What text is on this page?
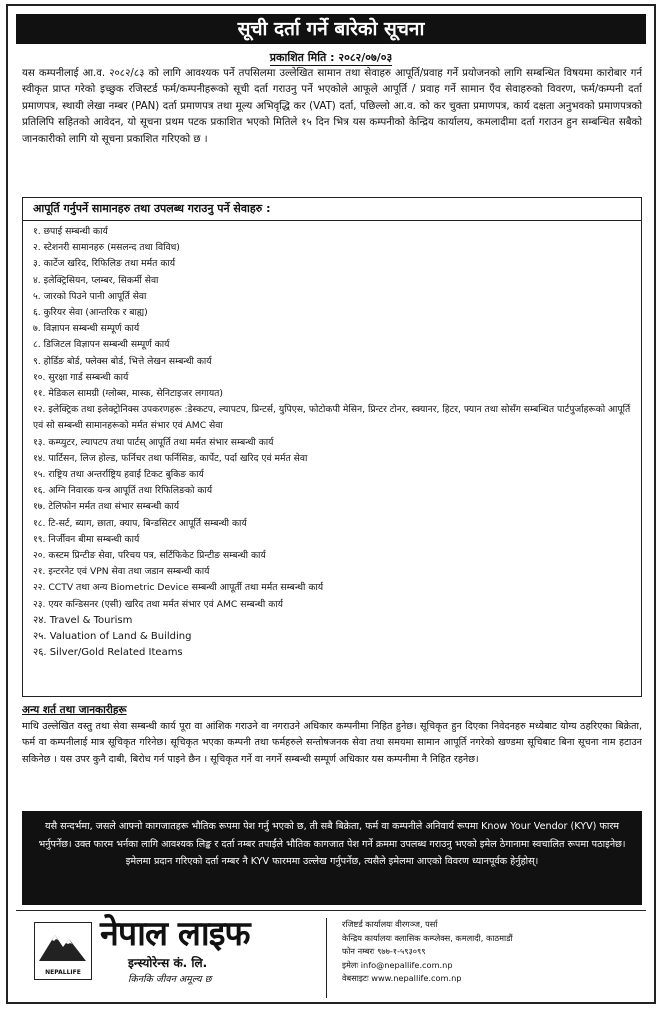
सूची दर्ता गर्ने बारेको सूचना
प्रकाशित मिति : २०८२/०७/०३

यस कम्पनीलाई आ.व. २०८२/८३ को लागि आवश्यक पर्ने तपसिलमा उल्लेखित सामान तथा सेवाहरु आपूर्ति/प्रवाह गर्ने प्रयोजनको लागि सम्बन्धित विषयमा कारोबार गर्न स्वीकृत प्राप्त गरेको इच्छुक रजिस्टर्ड फर्म/कम्पनीहरूको सूची दर्ता गराउनु पर्ने भएकोले आफूले आपूर्ति / प्रवाह गर्ने सामान एँव सेवाहरुको विवरण, फर्म/कम्पनी दर्ता प्रमाणपत्र, स्थायी लेखा नम्बर (PAN) दर्ता प्रमाणपत्र तथा मूल्य अभिवृद्धि कर (VAT) दर्ता, पछिल्लो आ.व. को कर चुक्ता प्रमाणपत्र, कार्य दक्षता अनुभवको प्रमाणपत्रको प्रतिलिपि सहितको आवेदन, यो सूचना प्रथम पटक प्रकाशित भएको मितिले १५ दिन भित्र यस कम्पनीको केन्द्रिय कार्यालय, कमलादीमा दर्ता गराउन हुन सम्बन्धित सबैको जानकारीको लागि यो सूचना प्रकाशित गरिएको छ ।

आपूर्ति गर्नुपर्ने सामानहरु तथा उपलब्ध गराउनु पर्ने सेवाहरु :
१. छपाई सम्बन्धी कार्य
२. स्टेशनरी सामानहरु (मसलन्द तथा विविध)
३. कार्टेज खरिद, रिफिलिङ तथा मर्मत कार्य
४. इलेक्ट्रिसियन, प्लम्बर, सिकर्मी सेवा
५. जारको पिउने पानी आपूर्ति सेवा
६. कुरियर सेवा (आन्तरिक र बाह्य)
७. विज्ञापन सम्बन्धी सम्पूर्ण कार्य
८. डिजिटल विज्ञापन सम्बन्धी सम्पूर्ण कार्य
९. होर्डिङ बोर्ड, फ्लेक्स बोर्ड, भित्ते लेखन सम्बन्धी कार्य
१०. सुरक्षा गार्ड सम्बन्धी कार्य
११. मेडिकल सामग्री (ग्लोब्स, मास्क, सेनिटाइजर लगायत)
१२. इलेक्ट्रिक तथा इलेक्ट्रोनिक्स उपकरणहरू :डेस्कटप, ल्यापटप, प्रिन्टर्स, युपिएस, फोटोकपी मेसिन, प्रिन्टर टोनर, स्क्यानर, हिटर, फ्यान तथा सोसँग सम्बन्धित पार्टपुर्जाहरूको आपूर्ति एवं सो सम्बन्धी सामानहरूको मर्मत संभार एवं AMC सेवा
१३. कम्प्युटर, ल्यापटप तथा पार्टस् आपूर्ति तथा मर्मत संभार सम्बन्धी कार्य
१४. पार्टिसन, लिज होल्ड, फर्निचर तथा फर्निसिङ, कार्पेट, पर्दा खरिद एवं मर्मत सेवा
१५. राष्ट्रिय तथा अन्तर्राष्ट्रिय हवाई टिकट बुकिङ कार्य
१६. अग्नि निवारक यन्त्र आपूर्ति तथा रिफिलिङको कार्य
१७. टेलिफोन मर्मत तथा संभार सम्बन्धी कार्य
१८. टि-सर्ट, ब्याग, छाता, क्याप, बिन्डसिटर आपूर्ति सम्बन्धी कार्य
१९. निर्जीवन बीमा सम्बन्धी कार्य
२०. कस्टम प्रिन्टीङ सेवा, परिचय पत्र, सर्टिफिकेट प्रिन्टीङ सम्बन्धी कार्य
२१. इन्टरनेट एवं VPN सेवा तथा जडान सम्बन्धी कार्य
२२. CCTV तथा अन्य Biometric Device सम्बन्धी आपूर्ती तथा मर्मत सम्बन्धी कार्य
२३. एयर कन्डिसनर (एसी) खरिद तथा मर्मत संभार एवं AMC सम्बन्धी कार्य
२४. Travel & Tourism
२५. Valuation of Land & Building
२६. Silver/Gold Related Iteams
अन्य शर्त तथा जानकारीहरू

माथि उल्लेखित वस्तु तथा सेवा सम्बन्धी कार्य पूरा वा आंशिक गराउने वा नगराउने अधिकार कम्पनीमा निहित हुनेछ। सूचिकृत हुन दिएका निवेदनहरु मध्येबाट योग्य ठहरिएका बिक्रेता, फर्म वा कम्पनीलाई मात्र सूचिकृत गरिनेछ। सूचिकृत भएका कम्पनी तथा फर्महरुले सन्तोषजनक सेवा तथा समयमा सामान आपूर्ति नगरेको खण्डमा सूचिबाट बिना सूचना नाम हटाउन सकिनेछ । यस उपर कुनै दाबी, बिरोध गर्न पाइने छैन । सूचिकृत गर्ने वा नगर्ने सम्बन्धी सम्पूर्ण अधिकार यस कम्पनीमा नै निहित रहनेछ।

यसै सन्दर्भमा, जसले आफ्नो कागजातहरू भौतिक रूपमा पेश गर्नु भएको छ, ती सबै बिक्रेता, फर्म वा कम्पनीले अनिवार्य रूपमा Know Your Vendor (KYV) फारम भर्नुपर्नेछ। उक्त फारम भर्नका लागि आवश्यक लिङ्क र दर्ता नम्बर तपाईंले भौतिक कागजात पेश गर्ने क्रममा उपलब्ध गराउनु भएको इमेल ठेगानामा स्वचालित रूपमा पठाइनेछ। इमेलमा प्रदान गरिएको दर्ता नम्बर नै KYV फारममा उल्लेख गर्नुपर्नेछ, त्यसैले इमेलमा आएको विवरण ध्यानपूर्वक हेर्नुहोस्।
NEPALLIFE
नेपाल लाइफ
इन्स्योरेन्स कं. लि.
किनकि जीवन अमूल्य छ
रजिष्टर्ड कार्यालयः वीरगञ्ज, पर्सा
केन्द्रिय कार्यालयः क्लासिक कम्प्लेक्स, कमलादी, काठमाडौं
फोन नम्बरः ९७७-१-५९३०९९
इमेलः info@nepallife.com.np
वेबसाइटः www.nepallife.com.np
